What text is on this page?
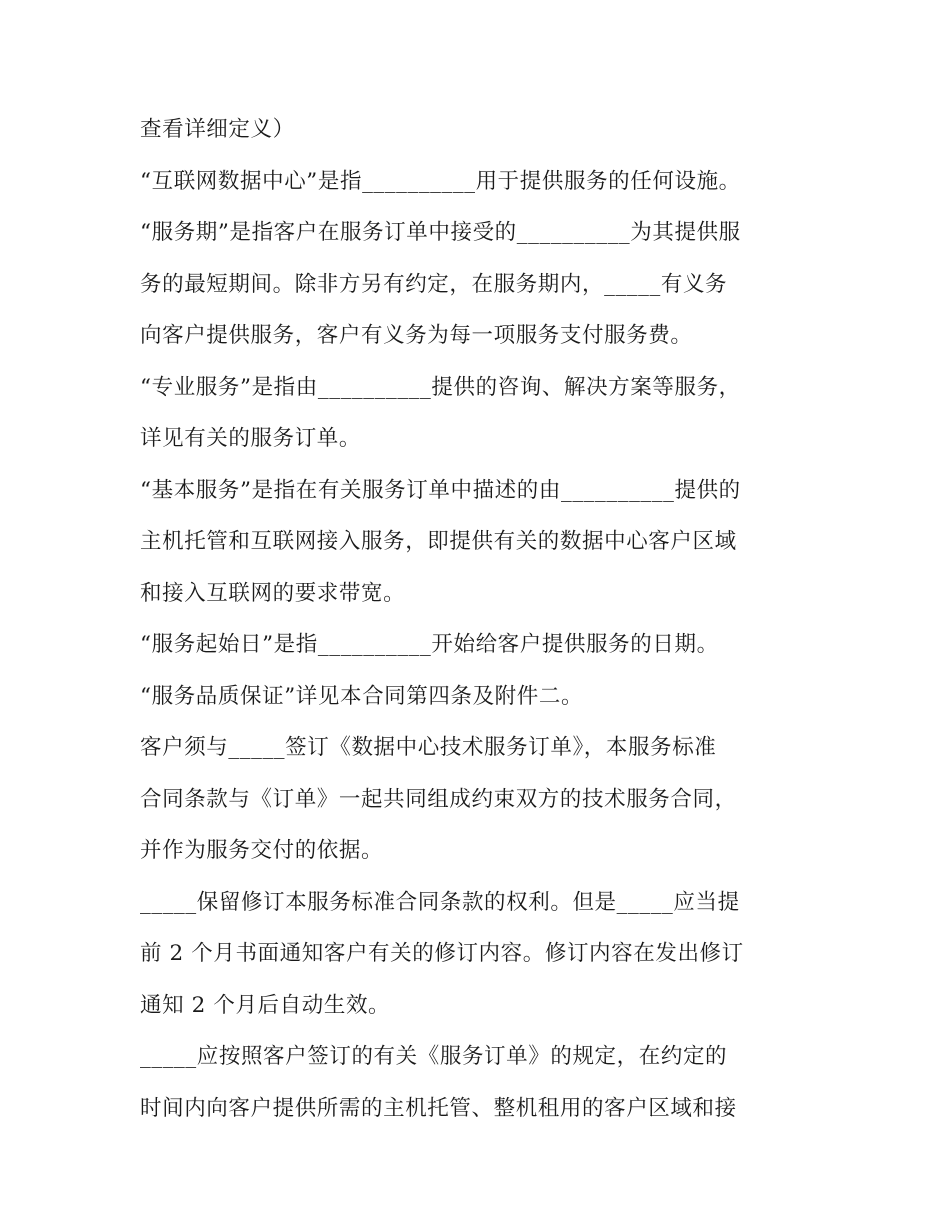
查看详细定义）
“互联网数据中心”是指__________用于提供服务的任何设施。
“服务期”是指客户在服务订单中接受的__________为其提供服
务的最短期间。除非方另有约定，在服务期内，_____有义务
向客户提供服务，客户有义务为每一项服务支付服务费。
“专业服务”是指由__________提供的咨询、解决方案等服务，
详见有关的服务订单。
“基本服务”是指在有关服务订单中描述的由__________提供的
主机托管和互联网接入服务，即提供有关的数据中心客户区域
和接入互联网的要求带宽。
“服务起始日”是指__________开始给客户提供服务的日期。
“服务品质保证”详见本合同第四条及附件二。
客户须与_____签订《数据中心技术服务订单》，本服务标准
合同条款与《订单》一起共同组成约束双方的技术服务合同，
并作为服务交付的依据。
_____保留修订本服务标准合同条款的权利。但是_____应当提
前 2 个月书面通知客户有关的修订内容。修订内容在发出修订
通知 2 个月后自动生效。
_____应按照客户签订的有关《服务订单》的规定，在约定的
时间内向客户提供所需的主机托管、整机租用的客户区域和接
